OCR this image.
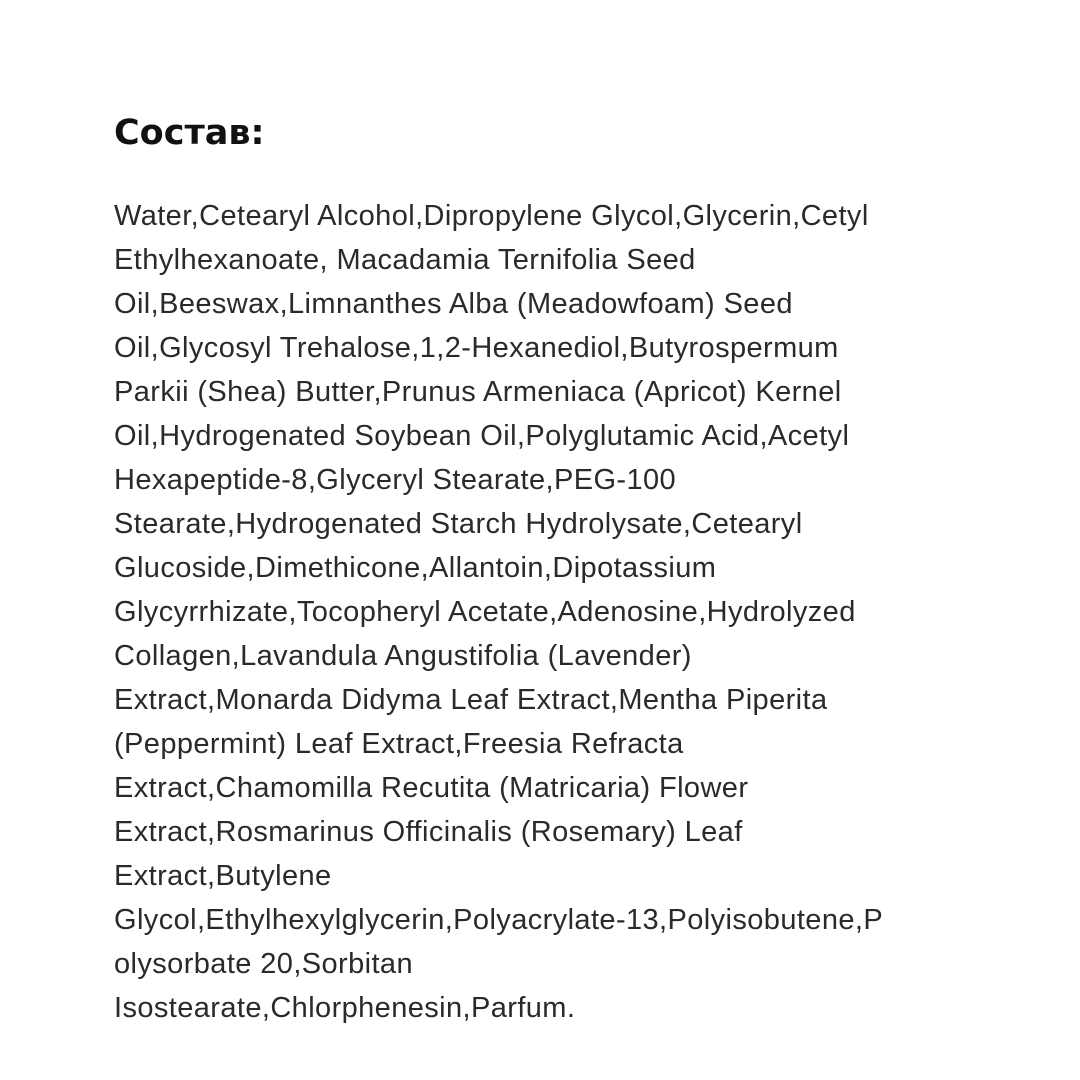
Состав:
Water,Cetearyl Alcohol,Dipropylene Glycol,Glycerin,Cetyl
Ethylhexanoate, Macadamia Ternifolia Seed
Oil,Beeswax,Limnanthes Alba (Meadowfoam) Seed
Oil,Glycosyl Trehalose,1,2-Hexanediol,Butyrospermum
Parkii (Shea) Butter,Prunus Armeniaca (Apricot) Kernel
Oil,Hydrogenated Soybean Oil,Polyglutamic Acid,Acetyl
Hexapeptide-8,Glyceryl Stearate,PEG-100
Stearate,Hydrogenated Starch Hydrolysate,Cetearyl
Glucoside,Dimethicone,Allantoin,Dipotassium
Glycyrrhizate,Tocopheryl Acetate,Adenosine,Hydrolyzed
Collagen,Lavandula Angustifolia (Lavender)
Extract,Monarda Didyma Leaf Extract,Mentha Piperita
(Peppermint) Leaf Extract,Freesia Refracta
Extract,Chamomilla Recutita (Matricaria) Flower
Extract,Rosmarinus Officinalis (Rosemary) Leaf
Extract,Butylene
Glycol,Ethylhexylglycerin,Polyacrylate-13,Polyisobutene,P
olysorbate 20,Sorbitan
Isostearate,Chlorphenesin,Parfum.
